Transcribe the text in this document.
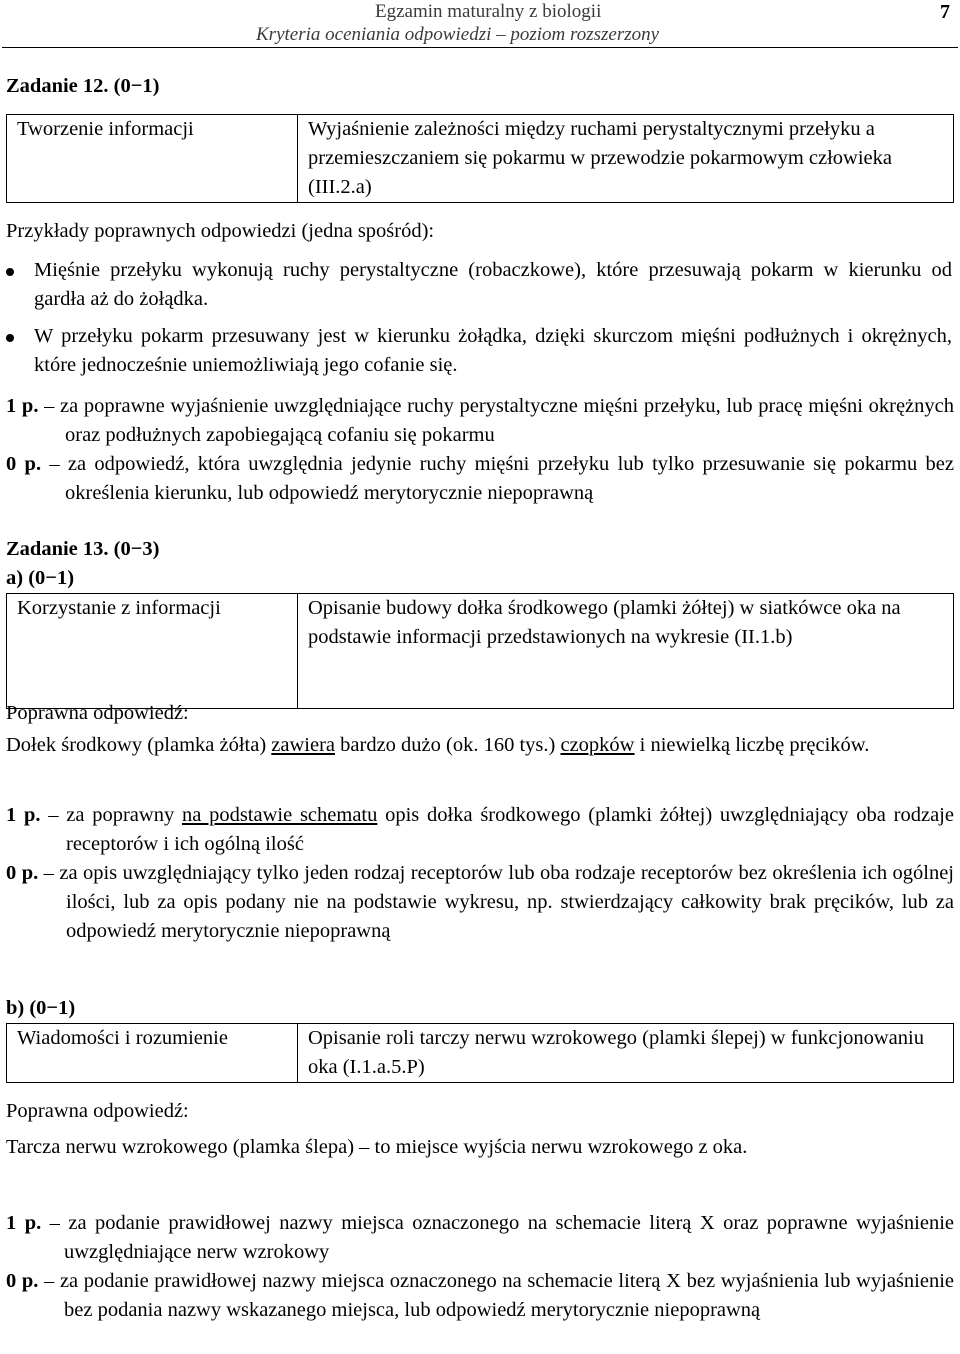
Egzamin maturalny z biologii
Kryteria oceniania odpowiedzi – poziom rozszerzony
7
Zadanie 12. (0−1)
Tworzenie informacji	Wyjaśnienie zależności między ruchami perystaltycznymi przełyku a przemieszczaniem się pokarmu w przewodzie pokarmowym człowieka (III.2.a)
Przykłady poprawnych odpowiedzi (jedna spośród):
Mięśnie przełyku wykonują ruchy perystaltyczne (robaczkowe), które przesuwają pokarm w kierunku od gardła aż do żołądka.
W przełyku pokarm przesuwany jest w kierunku żołądka, dzięki skurczom mięśni podłużnych i okrężnych, które jednocześnie uniemożliwiają jego cofanie się.
1 p. – za poprawne wyjaśnienie uwzględniające ruchy perystaltyczne mięśni przełyku, lub pracę mięśni okrężnych oraz podłużnych zapobiegającą cofaniu się pokarmu
0 p. – za odpowiedź, która uwzględnia jedynie ruchy mięśni przełyku lub tylko przesuwanie się pokarmu bez określenia kierunku, lub odpowiedź merytorycznie niepoprawną
Zadanie 13. (0−3)
a) (0−1)
Korzystanie z informacji	Opisanie budowy dołka środkowego (plamki żółtej) w siatkówce oka na podstawie informacji przedstawionych na wykresie (II.1.b)
Poprawna odpowiedź:
Dołek środkowy (plamka żółta) zawiera bardzo dużo (ok. 160 tys.) czopków i niewielką liczbę pręcików.
1 p. – za poprawny na podstawie schematu opis dołka środkowego (plamki żółtej) uwzględniający oba rodzaje receptorów i ich ogólną ilość
0 p. – za opis uwzględniający tylko jeden rodzaj receptorów lub oba rodzaje receptorów bez określenia ich ogólnej ilości, lub za opis podany nie na podstawie wykresu, np. stwierdzający całkowity brak pręcików, lub za odpowiedź merytorycznie niepoprawną
b) (0−1)
Wiadomości i rozumienie	Opisanie roli tarczy nerwu wzrokowego (plamki ślepej) w funkcjonowaniu oka (I.1.a.5.P)
Poprawna odpowiedź:
Tarcza nerwu wzrokowego (plamka ślepa) – to miejsce wyjścia nerwu wzrokowego z oka.
1 p. – za podanie prawidłowej nazwy miejsca oznaczonego na schemacie literą X oraz poprawne wyjaśnienie uwzględniające nerw wzrokowy
0 p. – za podanie prawidłowej nazwy miejsca oznaczonego na schemacie literą X bez wyjaśnienia lub wyjaśnienie bez podania nazwy wskazanego miejsca, lub odpowiedź merytorycznie niepoprawną
